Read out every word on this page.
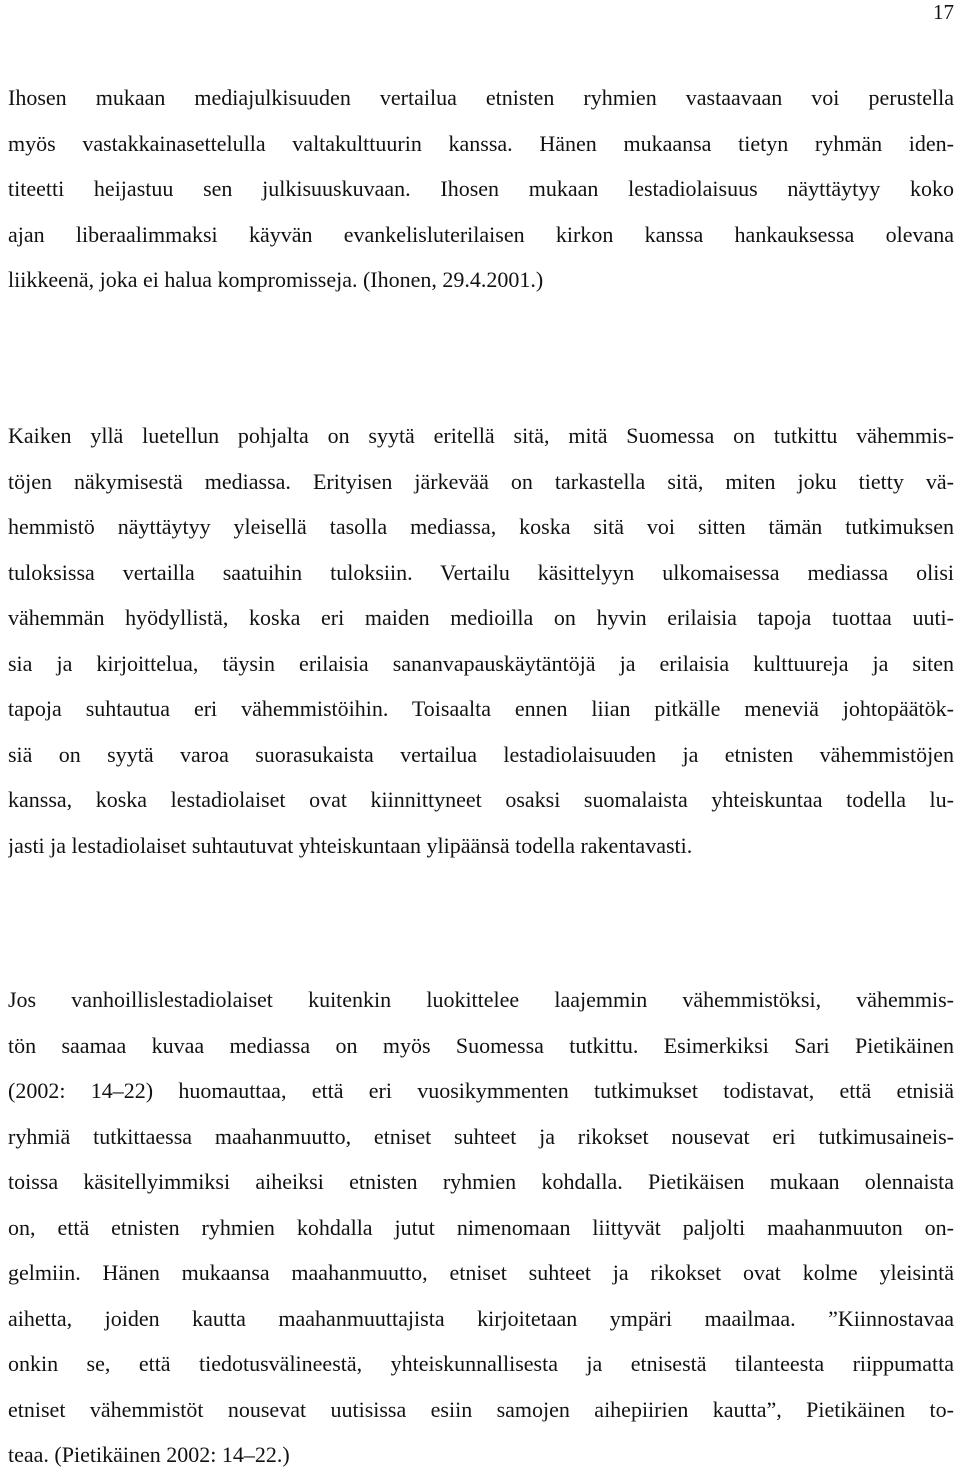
17
Ihosen mukaan mediajulkisuuden vertailua etnisten ryhmien vastaavaan voi perustella
myös vastakkainasettelulla valtakulttuurin kanssa. Hänen mukaansa tietyn ryhmän iden-
titeetti heijastuu sen julkisuuskuvaan. Ihosen mukaan lestadiolaisuus näyttäytyy koko
ajan liberaalimmaksi käyvän evankelisluterilaisen kirkon kanssa hankauksessa olevana
liikkeenä, joka ei halua kompromisseja. (Ihonen, 29.4.2001.)
Kaiken yllä luetellun pohjalta on syytä eritellä sitä, mitä Suomessa on tutkittu vähemmis-
töjen näkymisestä mediassa. Erityisen järkevää on tarkastella sitä, miten joku tietty vä-
hemmistö näyttäytyy yleisellä tasolla mediassa, koska sitä voi sitten tämän tutkimuksen
tuloksissa vertailla saatuihin tuloksiin. Vertailu käsittelyyn ulkomaisessa mediassa olisi
vähemmän hyödyllistä, koska eri maiden medioilla on hyvin erilaisia tapoja tuottaa uuti-
sia ja kirjoittelua, täysin erilaisia sananvapauskäytäntöjä ja erilaisia kulttuureja ja siten
tapoja suhtautua eri vähemmistöihin. Toisaalta ennen liian pitkälle meneviä johtopäätök-
siä on syytä varoa suorasukaista vertailua lestadiolaisuuden ja etnisten vähemmistöjen
kanssa, koska lestadiolaiset ovat kiinnittyneet osaksi suomalaista yhteiskuntaa todella lu-
jasti ja lestadiolaiset suhtautuvat yhteiskuntaan ylipäänsä todella rakentavasti.
Jos vanhoillislestadiolaiset kuitenkin luokittelee laajemmin vähemmistöksi, vähemmis-
tön saamaa kuvaa mediassa on myös Suomessa tutkittu. Esimerkiksi Sari Pietikäinen
(2002: 14–22) huomauttaa, että eri vuosikymmenten tutkimukset todistavat, että etnisiä
ryhmiä tutkittaessa maahanmuutto, etniset suhteet ja rikokset nousevat eri tutkimusaineis-
toissa käsitellyimmiksi aiheiksi etnisten ryhmien kohdalla. Pietikäisen mukaan olennaista
on, että etnisten ryhmien kohdalla jutut nimenomaan liittyvät paljolti maahanmuuton on-
gelmiin. Hänen mukaansa maahanmuutto, etniset suhteet ja rikokset ovat kolme yleisintä
aihetta, joiden kautta maahanmuuttajista kirjoitetaan ympäri maailmaa. ”Kiinnostavaa
onkin se, että tiedotusvälineestä, yhteiskunnallisesta ja etnisestä tilanteesta riippumatta
etniset vähemmistöt nousevat uutisissa esiin samojen aihepiirien kautta”, Pietikäinen to-
teaa. (Pietikäinen 2002: 14–22.)
